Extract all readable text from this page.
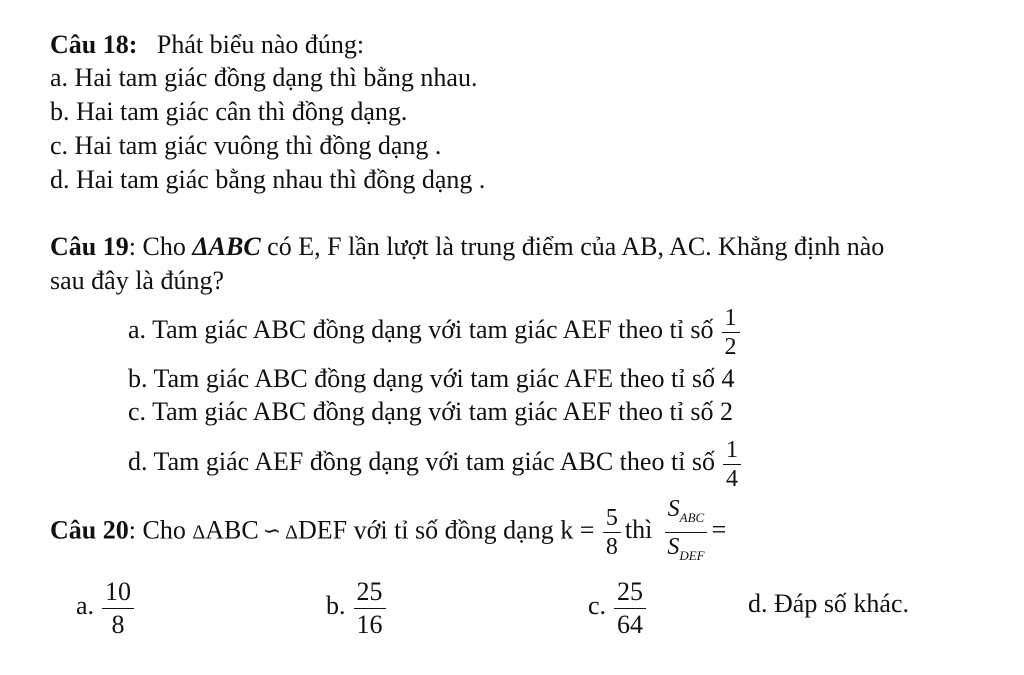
Câu 18: Phát biểu nào đúng:
a. Hai tam giác đồng dạng thì bằng nhau.
b. Hai tam giác cân thì đồng dạng.
c. Hai tam giác vuông thì đồng dạng .
d. Hai tam giác bằng nhau thì đồng dạng .
Câu 19: Cho ΔABC có E, F lần lượt là trung điểm của AB, AC. Khẳng định nào
sau đây là đúng?
a. Tam giác ABC đồng dạng với tam giác AEF theo tỉ số $\frac{1}{2}$
b. Tam giác ABC đồng dạng với tam giác AFE theo tỉ số 4
c. Tam giác ABC đồng dạng với tam giác AEF theo tỉ số 2
d. Tam giác AEF đồng dạng với tam giác ABC theo tỉ số $\frac{1}{4}$
Câu 20: Cho ΔABC ∽ ΔDEF với tỉ số đồng dạng $k = \frac{5}{8}$ thì $\frac{S_{ABC}}{S_{DEF}}$ =
a. $\frac{10}{8}$	b. $\frac{25}{16}$	c. $\frac{25}{64}$	d. Đáp số khác.
